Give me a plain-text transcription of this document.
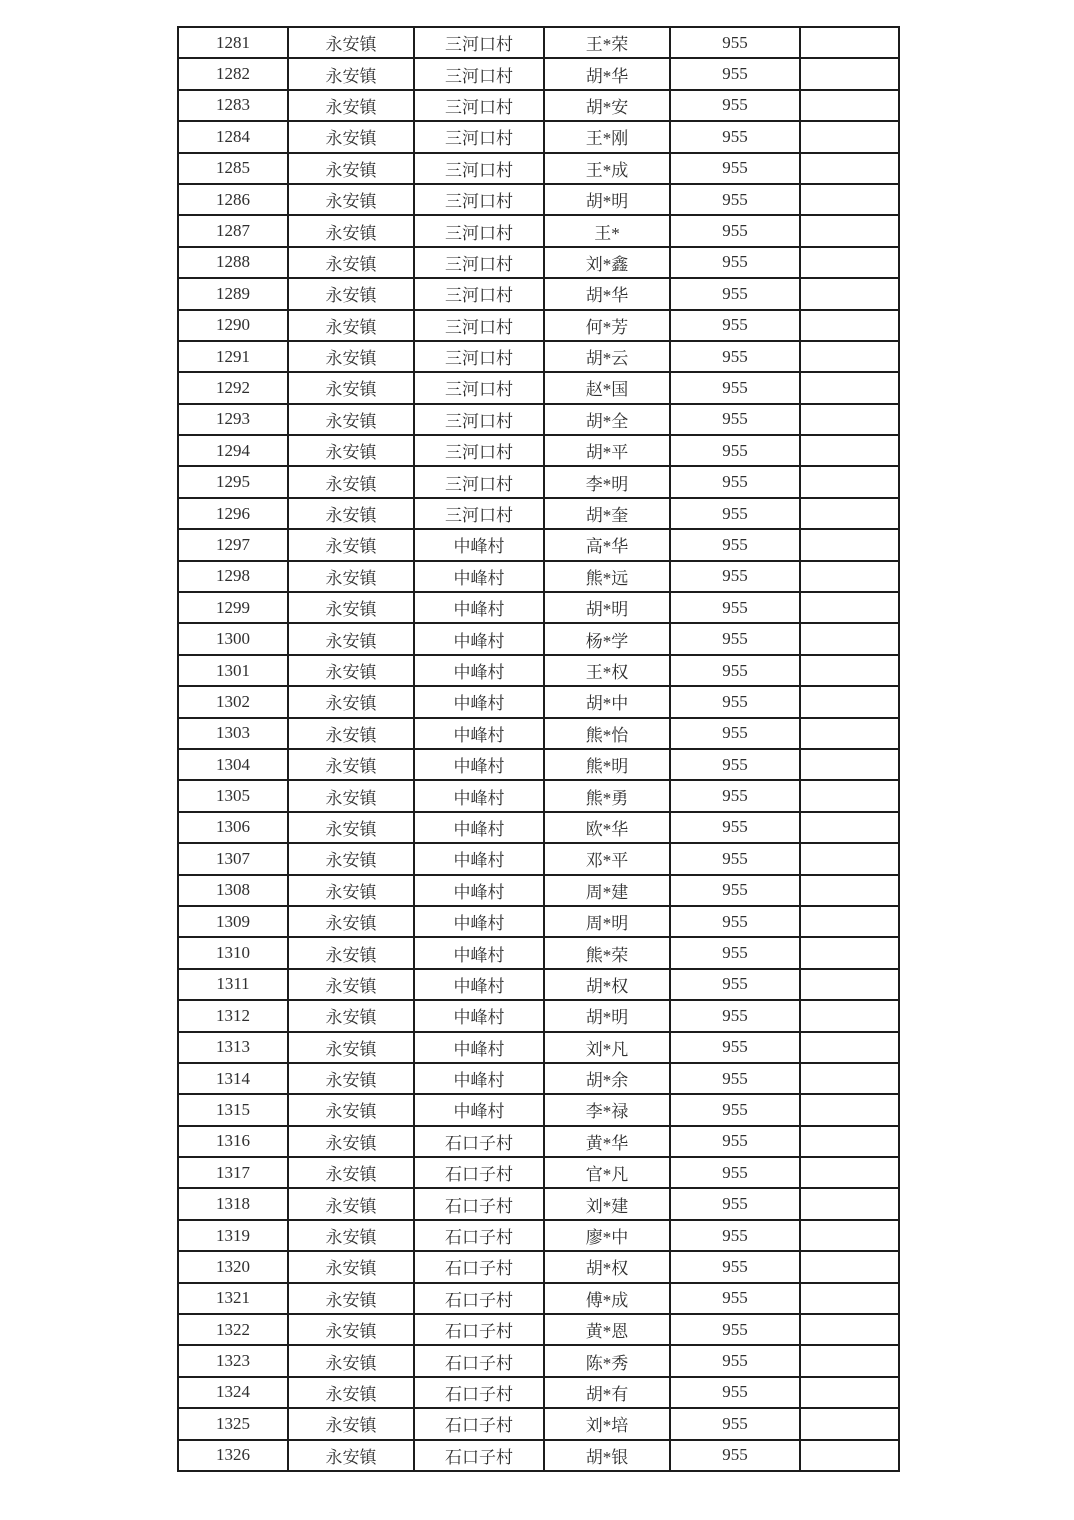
1281	永安镇	三河口村	王*荣	955	
1282	永安镇	三河口村	胡*华	955	
1283	永安镇	三河口村	胡*安	955	
1284	永安镇	三河口村	王*刚	955	
1285	永安镇	三河口村	王*成	955	
1286	永安镇	三河口村	胡*明	955	
1287	永安镇	三河口村	王*	955	
1288	永安镇	三河口村	刘*鑫	955	
1289	永安镇	三河口村	胡*华	955	
1290	永安镇	三河口村	何*芳	955	
1291	永安镇	三河口村	胡*云	955	
1292	永安镇	三河口村	赵*国	955	
1293	永安镇	三河口村	胡*全	955	
1294	永安镇	三河口村	胡*平	955	
1295	永安镇	三河口村	李*明	955	
1296	永安镇	三河口村	胡*奎	955	
1297	永安镇	中峰村	高*华	955	
1298	永安镇	中峰村	熊*远	955	
1299	永安镇	中峰村	胡*明	955	
1300	永安镇	中峰村	杨*学	955	
1301	永安镇	中峰村	王*权	955	
1302	永安镇	中峰村	胡*中	955	
1303	永安镇	中峰村	熊*怡	955	
1304	永安镇	中峰村	熊*明	955	
1305	永安镇	中峰村	熊*勇	955	
1306	永安镇	中峰村	欧*华	955	
1307	永安镇	中峰村	邓*平	955	
1308	永安镇	中峰村	周*建	955	
1309	永安镇	中峰村	周*明	955	
1310	永安镇	中峰村	熊*荣	955	
1311	永安镇	中峰村	胡*权	955	
1312	永安镇	中峰村	胡*明	955	
1313	永安镇	中峰村	刘*凡	955	
1314	永安镇	中峰村	胡*余	955	
1315	永安镇	中峰村	李*禄	955	
1316	永安镇	石口子村	黄*华	955	
1317	永安镇	石口子村	官*凡	955	
1318	永安镇	石口子村	刘*建	955	
1319	永安镇	石口子村	廖*中	955	
1320	永安镇	石口子村	胡*权	955	
1321	永安镇	石口子村	傅*成	955	
1322	永安镇	石口子村	黄*恩	955	
1323	永安镇	石口子村	陈*秀	955	
1324	永安镇	石口子村	胡*有	955	
1325	永安镇	石口子村	刘*培	955	
1326	永安镇	石口子村	胡*银	955	
